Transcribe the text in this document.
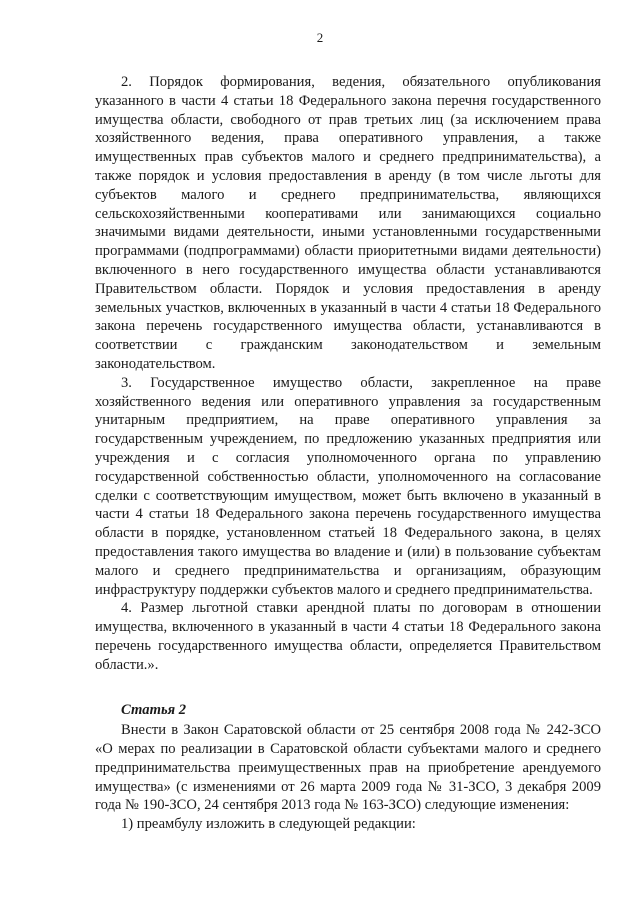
2

2. Порядок формирования, ведения, обязательного опубликования указанного в части 4 статьи 18 Федерального закона перечня государственного имущества области, свободного от прав третьих лиц (за исключением права хозяйственного ведения, права оперативного управления, а также имущественных прав субъектов малого и среднего предпринимательства), а также порядок и условия предоставления в аренду (в том числе льготы для субъектов малого и среднего предпринимательства, являющихся сельскохозяйственными кооперативами или занимающихся социально значимыми видами деятельности, иными установленными государственными программами (подпрограммами) области приоритетными видами деятельности) включенного в него государственного имущества области устанавливаются Правительством области. Порядок и условия предоставления в аренду земельных участков, включенных в указанный в части 4 статьи 18 Федерального закона перечень государственного имущества области, устанавливаются в соответствии с гражданским законодательством и земельным законодательством.

3. Государственное имущество области, закрепленное на праве хозяйственного ведения или оперативного управления за государственным унитарным предприятием, на праве оперативного управления за государственным учреждением, по предложению указанных предприятия или учреждения и с согласия уполномоченного органа по управлению государственной собственностью области, уполномоченного на согласование сделки с соответствующим имуществом, может быть включено в указанный в части 4 статьи 18 Федерального закона перечень государственного имущества области в порядке, установленном статьей 18 Федерального закона, в целях предоставления такого имущества во владение и (или) в пользование субъектам малого и среднего предпринимательства и организациям, образующим инфраструктуру поддержки субъектов малого и среднего предпринимательства.

4. Размер льготной ставки арендной платы по договорам в отношении имущества, включенного в указанный в части 4 статьи 18 Федерального закона перечень государственного имущества области, определяется Правительством области.».

Статья 2

Внести в Закон Саратовской области от 25 сентября 2008 года № 242-ЗСО «О мерах по реализации в Саратовской области субъектами малого и среднего предпринимательства преимущественных прав на приобретение арендуемого имущества» (с изменениями от 26 марта 2009 года № 31-ЗСО, 3 декабря 2009 года № 190-ЗСО, 24 сентября 2013 года № 163-ЗСО) следующие изменения:

1) преамбулу изложить в следующей редакции:
